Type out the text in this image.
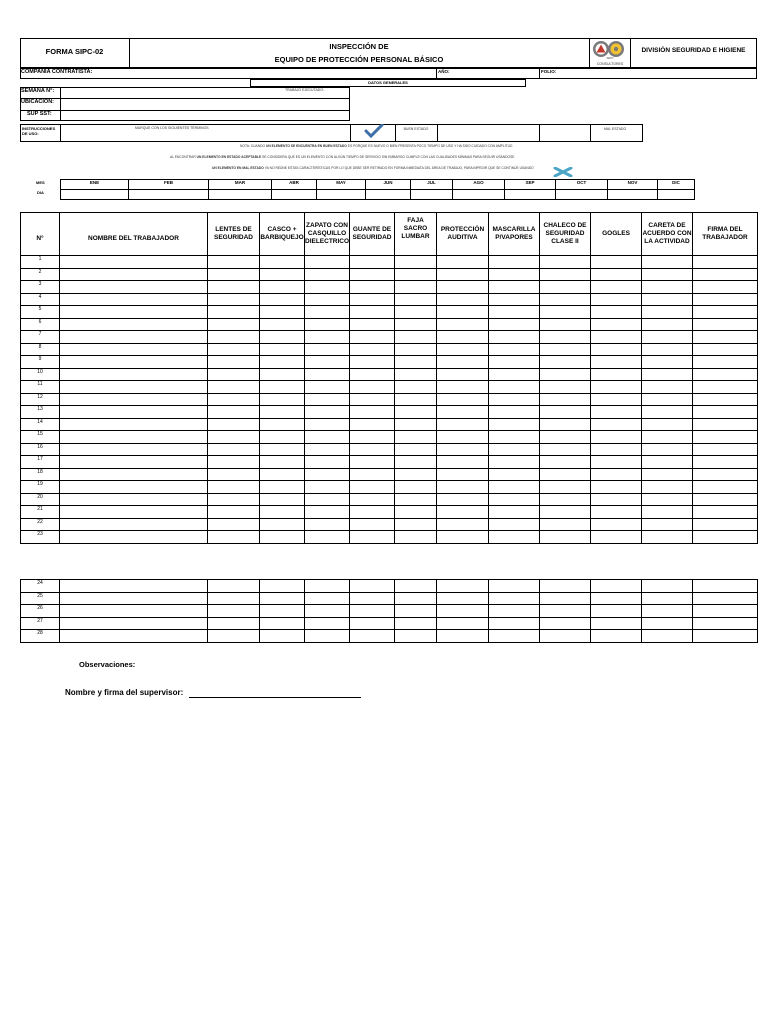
FORMA SIPC-02
INSPECCIÓN DE
EQUIPO DE PROTECCIÓN PERSONAL BÁSICO
DIVISIÓN SEGURIDAD E HIGIENE
SIPC
CONSULTORES
COMPAÑÍA CONTRATISTA:	AÑO:	FOLIO:
DATOS GENERALES
SEMANA N°:	TRABAJO EJECUTADO:
UBICACIÓN:
SUP SST:
INSTRUCCIONES DE USO:
MARQUE CON LOS SIGUIENTES TÉRMINOS	BUEN ESTADO	MAL ESTADO
NOTA: CUANDO UN ELEMENTO SE ENCUENTRA EN BUEN ESTADO ES PORQUE ES NUEVO O BIEN PRESENTA POCO TIEMPO DE USO Y HA SIDO CUIDADO CON AMPLITUD
AL ENCONTRAR UN ELEMENTO EN ESTADO ACEPTABLE SE CONSIDERA QUE ES UN ELEMENTO CON ALGÚN TIEMPO DE SERVICIO SIN EMBARGO CUMPLE CON LAS CUALIDADES MÍNIMAS PARA SEGUIR USÁNDOSE
UN ELEMENTO EN MAL ESTADO YA NO REÚNE ESTAS CARACTERÍSTICAS POR LO QUE DEBE SER RETIRADO EN FORMA INMEDIATA DEL ÁREA DE TRABAJO, PARA IMPEDIR QUE SE CONTINÚE USANDO
MES
DIA
ENE	FEB	MAR	ABR	MAY	JUN	JUL	AGO	SEP	OCT	NOV	DIC

N°	NOMBRE DEL TRABAJADOR	LENTES DE SEGURIDAD	CASCO + BARBIQUEJO	ZAPATO CON CASQUILLO DIELECTRICO	GUANTE DE SEGURIDAD	FAJA SACRO LUMBAR	PROTECCIÓN AUDITIVA	MASCARILLA P/VAPORES	CHALECO DE SEGURIDAD CLASE II	GOGLES	CARETA DE ACUERDO CON LA ACTIVIDAD	FIRMA DEL TRABAJADOR
1												
2												
3												
4												
5												
6												
7												
8												
9												
10												
11												
12												
13												
14												
15												
16												
17												
18												
19												
20												
21												
22												
23												
24												
25												
26												
27												
28												
Observaciones:
Nombre y firma del supervisor:
